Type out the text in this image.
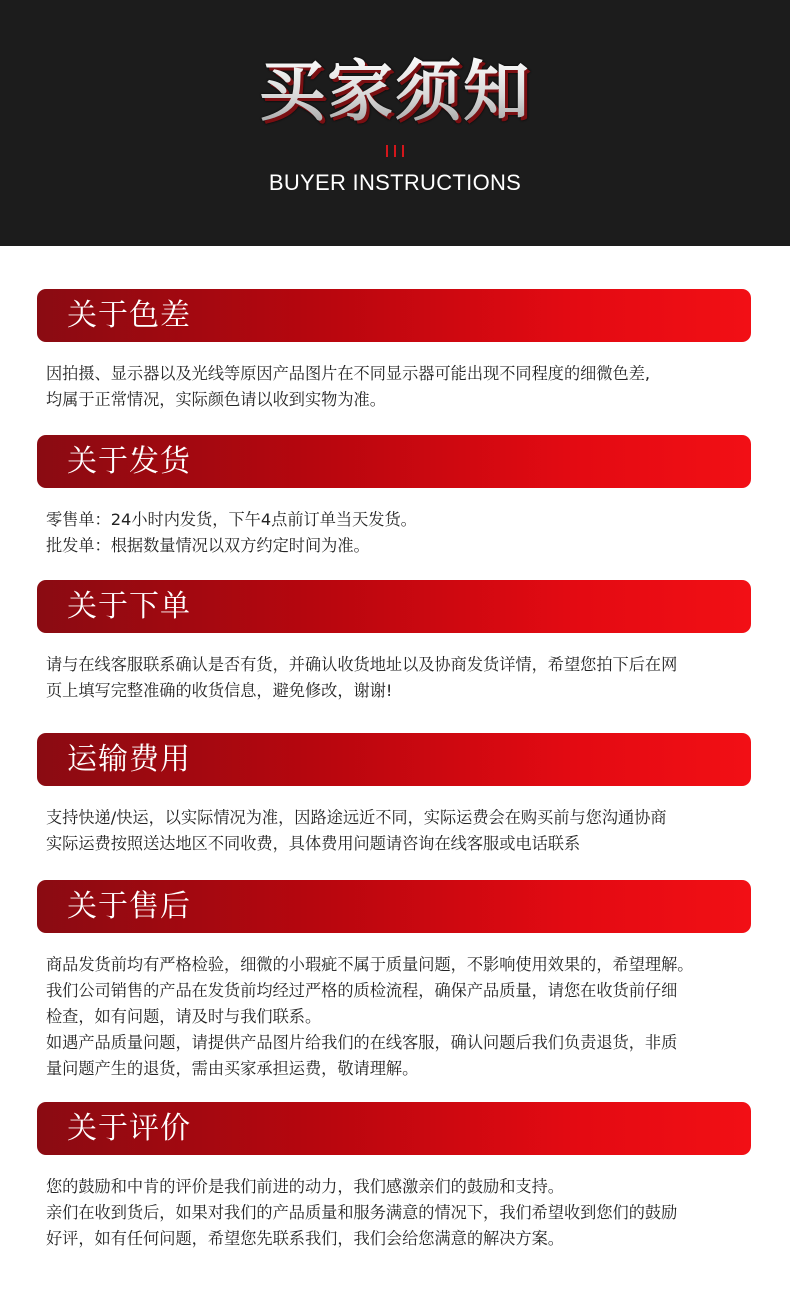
买家须知
BUYER INSTRUCTIONS
关于色差
因拍摄、显示器以及光线等原因产品图片在不同显示器可能出现不同程度的细微色差,
均属于正常情况，实际颜色请以收到实物为准。
关于发货
零售单：24小时内发货，下午4点前订单当天发货。
批发单：根据数量情况以双方约定时间为准。
关于下单
请与在线客服联系确认是否有货，并确认收货地址以及协商发货详情，希望您拍下后在网
页上填写完整准确的收货信息，避免修改，谢谢!
运输费用
支持快递/快运，以实际情况为准，因路途远近不同，实际运费会在购买前与您沟通协商
实际运费按照送达地区不同收费，具体费用问题请咨询在线客服或电话联系
关于售后
商品发货前均有严格检验，细微的小瑕疵不属于质量问题，不影响使用效果的，希望理解。
我们公司销售的产品在发货前均经过严格的质检流程，确保产品质量，请您在收货前仔细
检查，如有问题，请及时与我们联系。
如遇产品质量问题，请提供产品图片给我们的在线客服，确认问题后我们负责退货，非质
量问题产生的退货，需由买家承担运费，敬请理解。
关于评价
您的鼓励和中肯的评价是我们前进的动力，我们感激亲们的鼓励和支持。
亲们在收到货后，如果对我们的产品质量和服务满意的情况下，我们希望收到您们的鼓励
好评，如有任何问题，希望您先联系我们，我们会给您满意的解决方案。
